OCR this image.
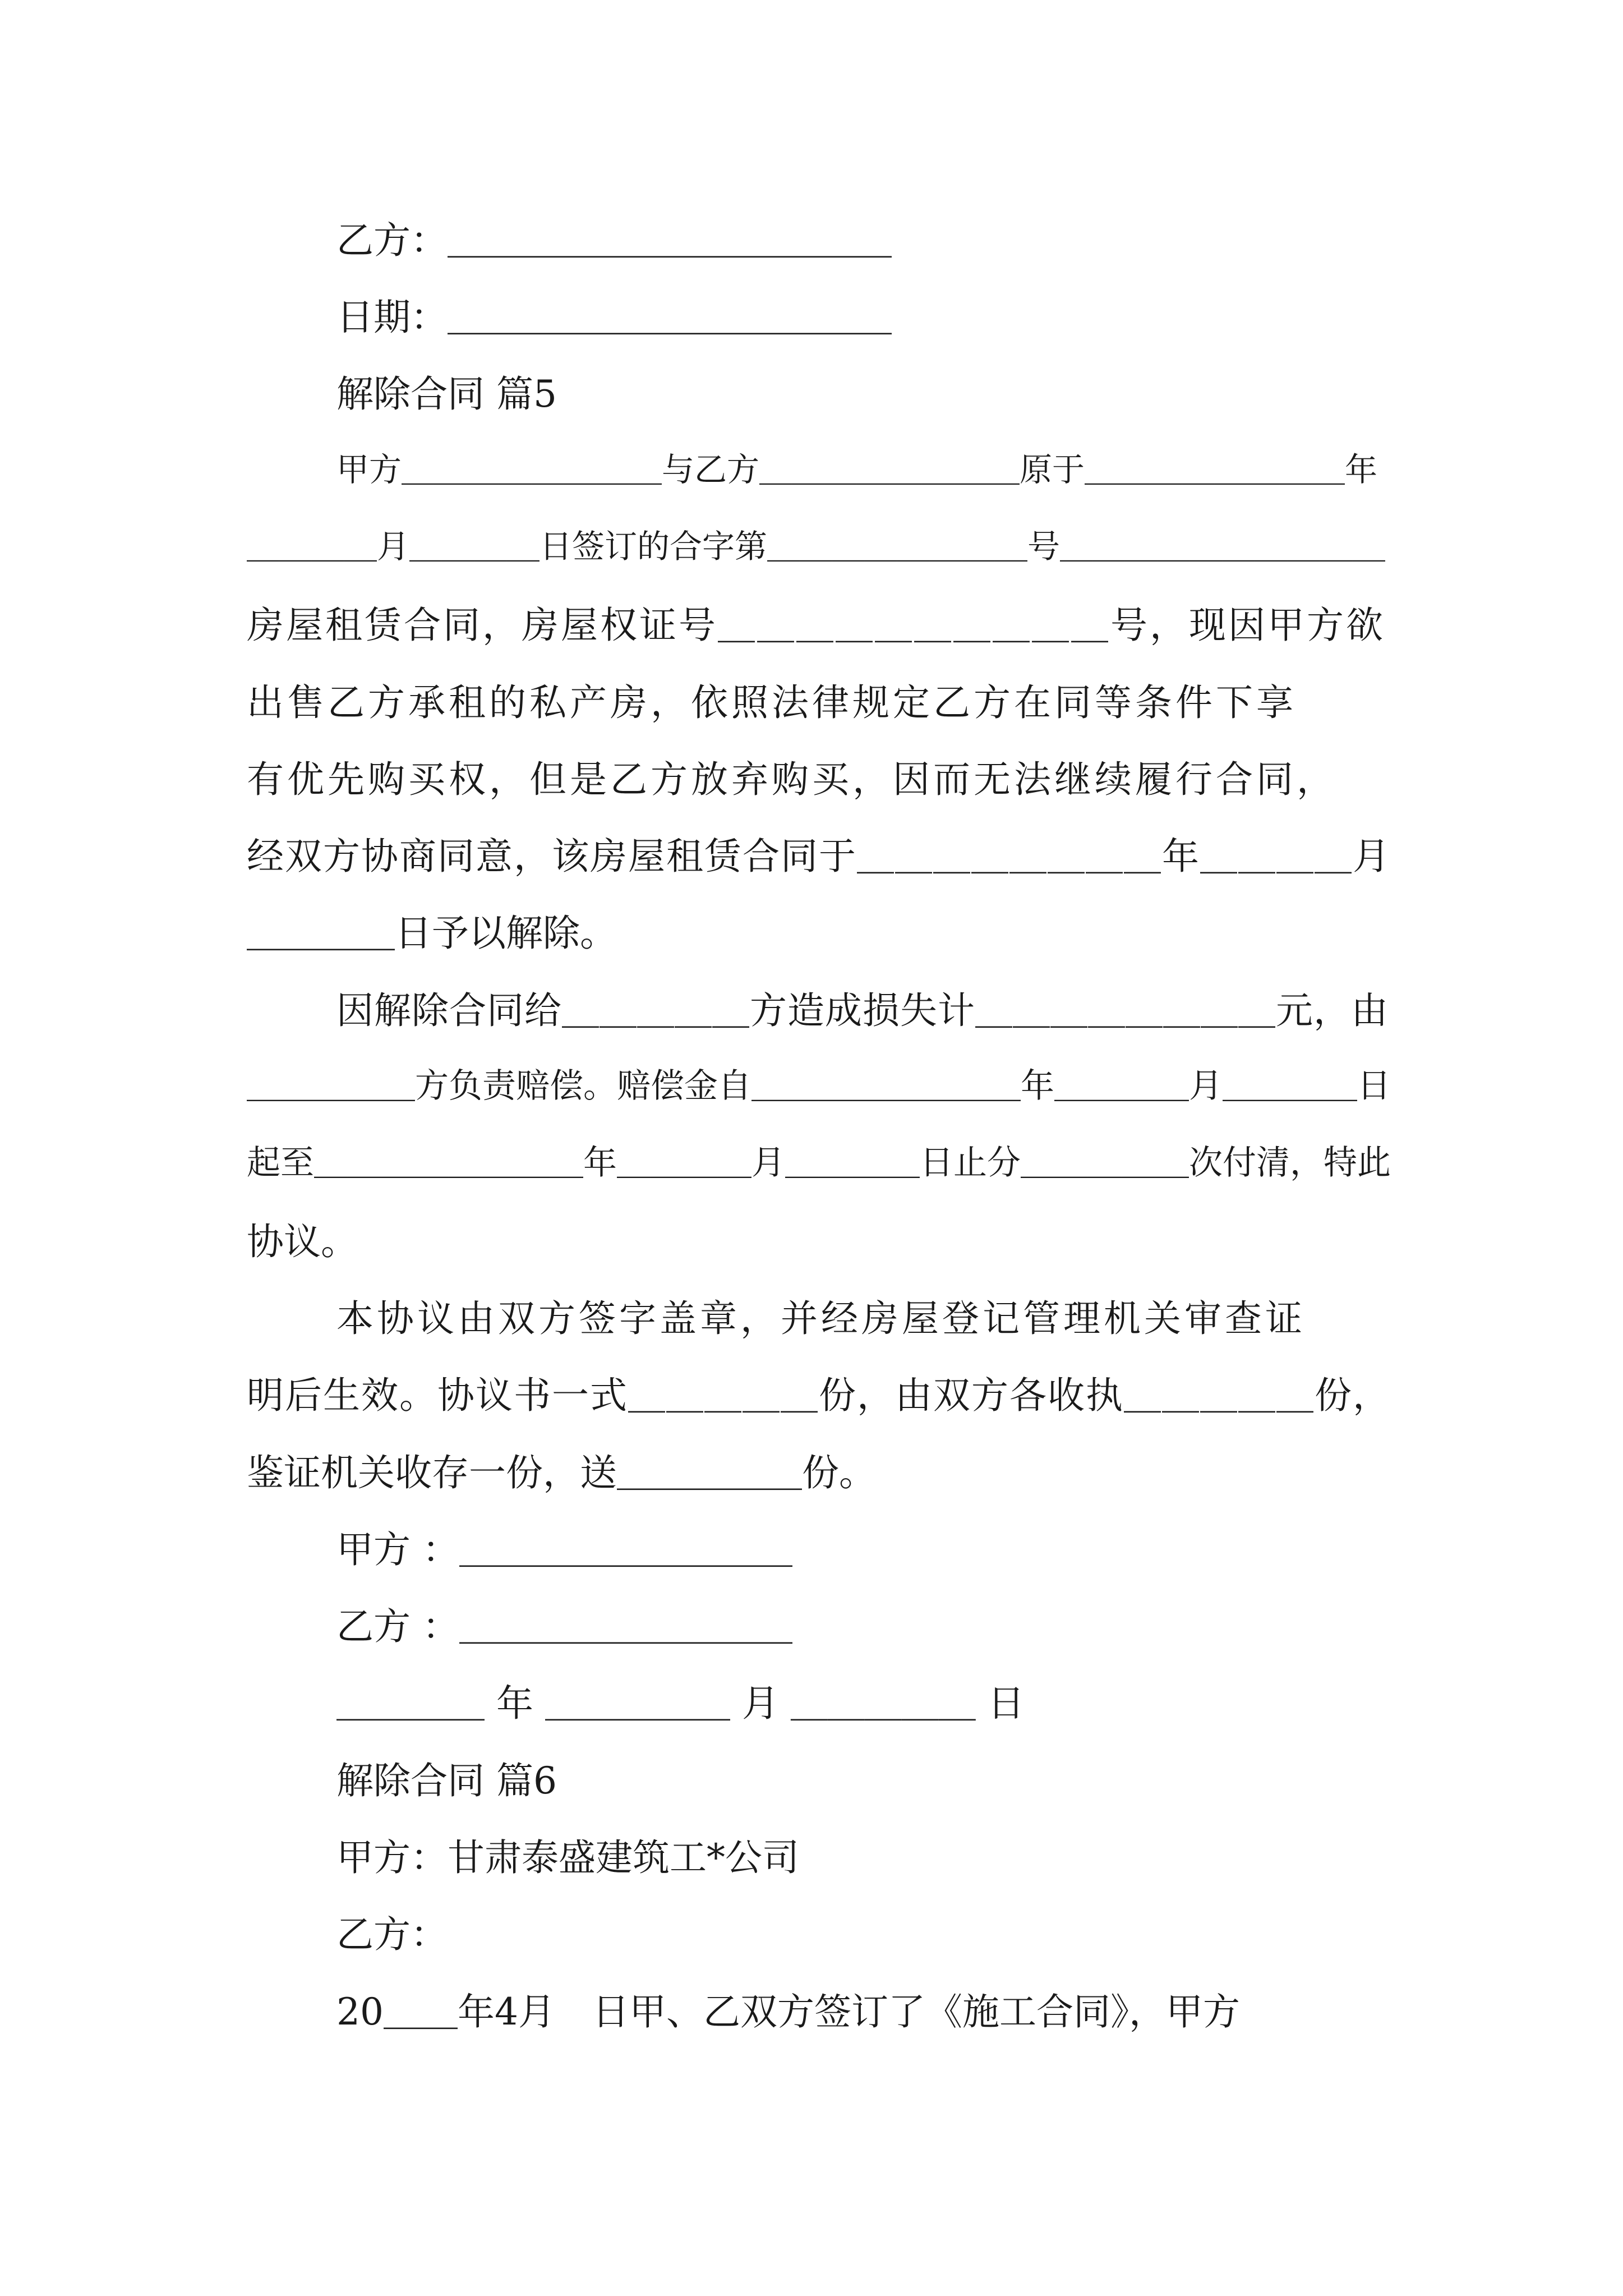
乙方：＿＿＿＿＿＿＿＿＿＿＿＿
日期：＿＿＿＿＿＿＿＿＿＿＿＿
解除合同 篇5
甲方＿＿＿＿＿＿＿＿与乙方＿＿＿＿＿＿＿＿原于＿＿＿＿＿＿＿＿年
＿＿＿＿月＿＿＿＿日签订的合字第＿＿＿＿＿＿＿＿号＿＿＿＿＿＿＿＿＿＿
房屋租赁合同，房屋权证号＿＿＿＿＿＿＿＿＿＿号，现因甲方欲
出售乙方承租的私产房，依照法律规定乙方在同等条件下享
有优先购买权，但是乙方放弃购买，因而无法继续履行合同，
经双方协商同意，该房屋租赁合同于＿＿＿＿＿＿＿＿年＿＿＿＿月
＿＿＿＿日予以解除。
因解除合同给＿＿＿＿＿方造成损失计＿＿＿＿＿＿＿＿元，由
＿＿＿＿＿方负责赔偿。赔偿金自＿＿＿＿＿＿＿＿年＿＿＿＿月＿＿＿＿日
起至＿＿＿＿＿＿＿＿年＿＿＿＿月＿＿＿＿日止分＿＿＿＿＿次付清，特此
协议。
本协议由双方签字盖章，并经房屋登记管理机关审查证
明后生效。协议书一式＿＿＿＿＿份，由双方各收执＿＿＿＿＿份，
鉴证机关收存一份，送＿＿＿＿＿份。
甲方 ：＿＿＿＿＿＿＿＿＿
乙方 ：＿＿＿＿＿＿＿＿＿
＿＿＿＿ 年 ＿＿＿＿＿ 月 ＿＿＿＿＿ 日
解除合同 篇6
甲方：甘肃泰盛建筑工*公司
乙方：
20＿＿年4月　日甲、乙双方签订了《施工合同》，甲方
